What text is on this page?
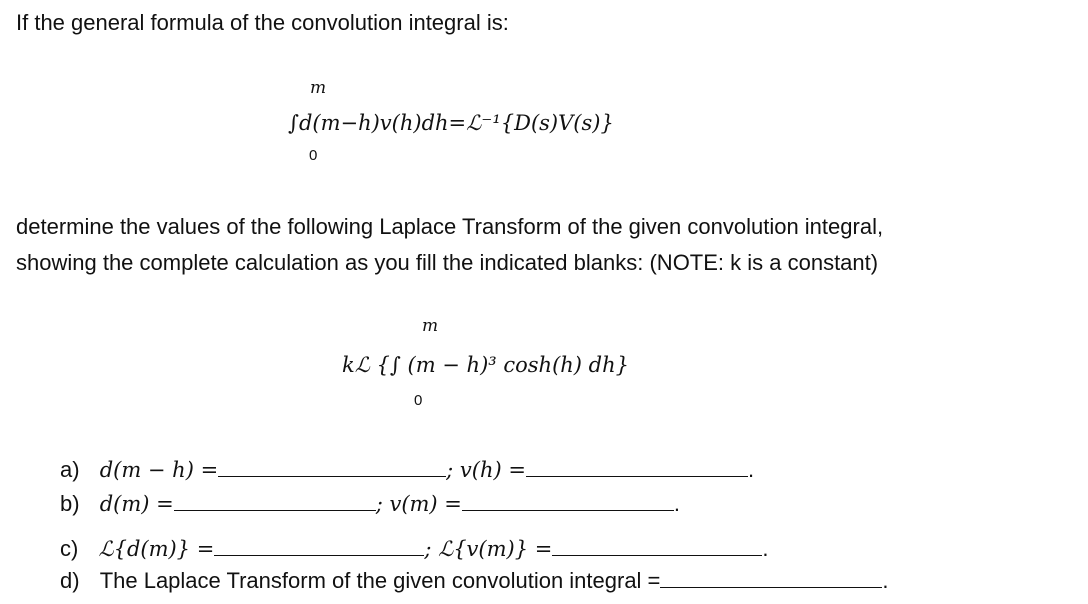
If the general formula of the convolution integral is:
m
∫d(m−h)v(h)dh=ℒ⁻¹{D(s)V(s)}
0
determine the values of the following Laplace Transform of the given convolution integral,
showing the complete calculation as you fill the indicated blanks: (NOTE: k is a constant)
m
kℒ {∫ (m − h)³ cosh(h) dh}
0
a) d(m − h) =	; v(h) =	.
b) d(m) =	; v(m) =	.
c) ℒ{d(m)} =	; ℒ{v(m)} =	.
d) The Laplace Transform of the given convolution integral =	.
